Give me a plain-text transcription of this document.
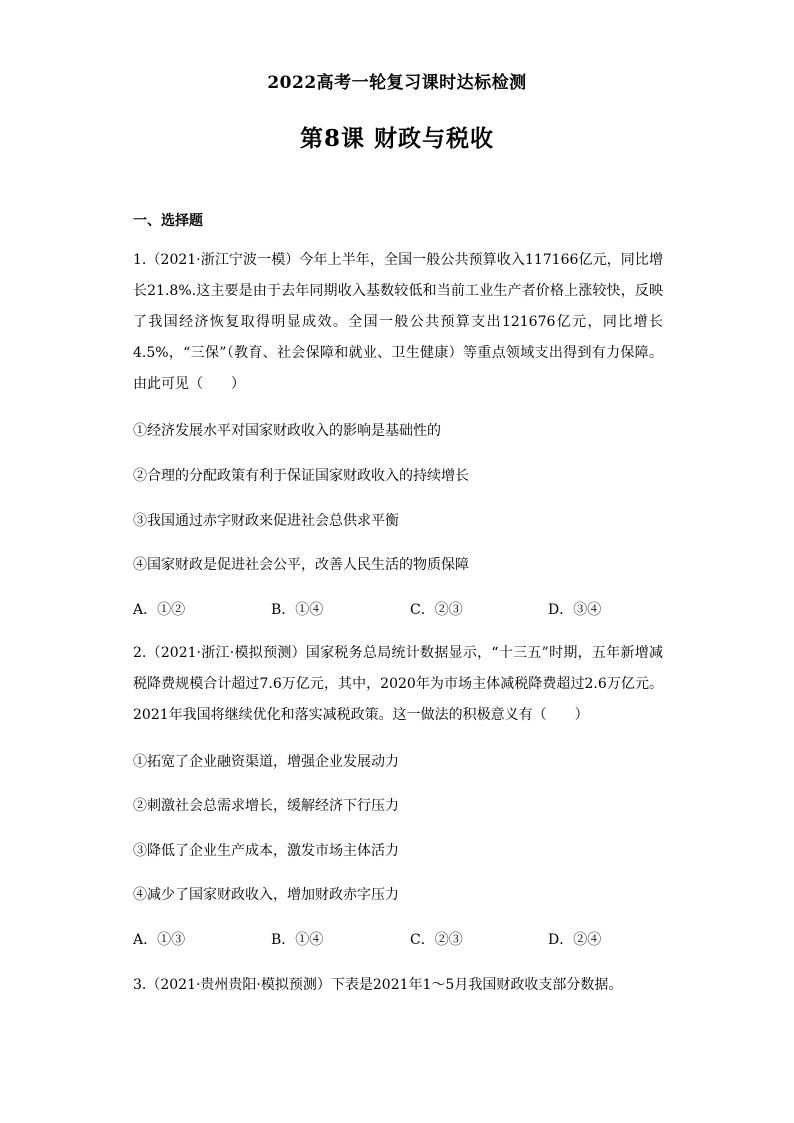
2022高考一轮复习课时达标检测
第8课 财政与税收
一、选择题
1.（2021·浙江宁波一模）今年上半年，全国一般公共预算收入117166亿元，同比增长21.8%.这主要是由于去年同期收入基数较低和当前工业生产者价格上涨较快，反映了我国经济恢复取得明显成效。全国一般公共预算支出121676亿元，同比增长4.5%，“三保”（教育、社会保障和就业、卫生健康）等重点领域支出得到有力保障。由此可见（　　）
①经济发展水平对国家财政收入的影响是基础性的
②合理的分配政策有利于保证国家财政收入的持续增长
③我国通过赤字财政来促进社会总供求平衡
④国家财政是促进社会公平，改善人民生活的物质保障
A．①②	B．①④	C．②③	D．③④
2.（2021·浙江·模拟预测）国家税务总局统计数据显示，“十三五”时期，五年新增减税降费规模合计超过7.6万亿元，其中，2020年为市场主体减税降费超过2.6万亿元。2021年我国将继续优化和落实减税政策。这一做法的积极意义有（　　）
①拓宽了企业融资渠道，增强企业发展动力
②刺激社会总需求增长，缓解经济下行压力
③降低了企业生产成本，激发市场主体活力
④减少了国家财政收入，增加财政赤字压力
A．①③	B．①④	C．②③	D．②④
3.（2021·贵州贵阳·模拟预测）下表是2021年1～5月我国财政收支部分数据。
